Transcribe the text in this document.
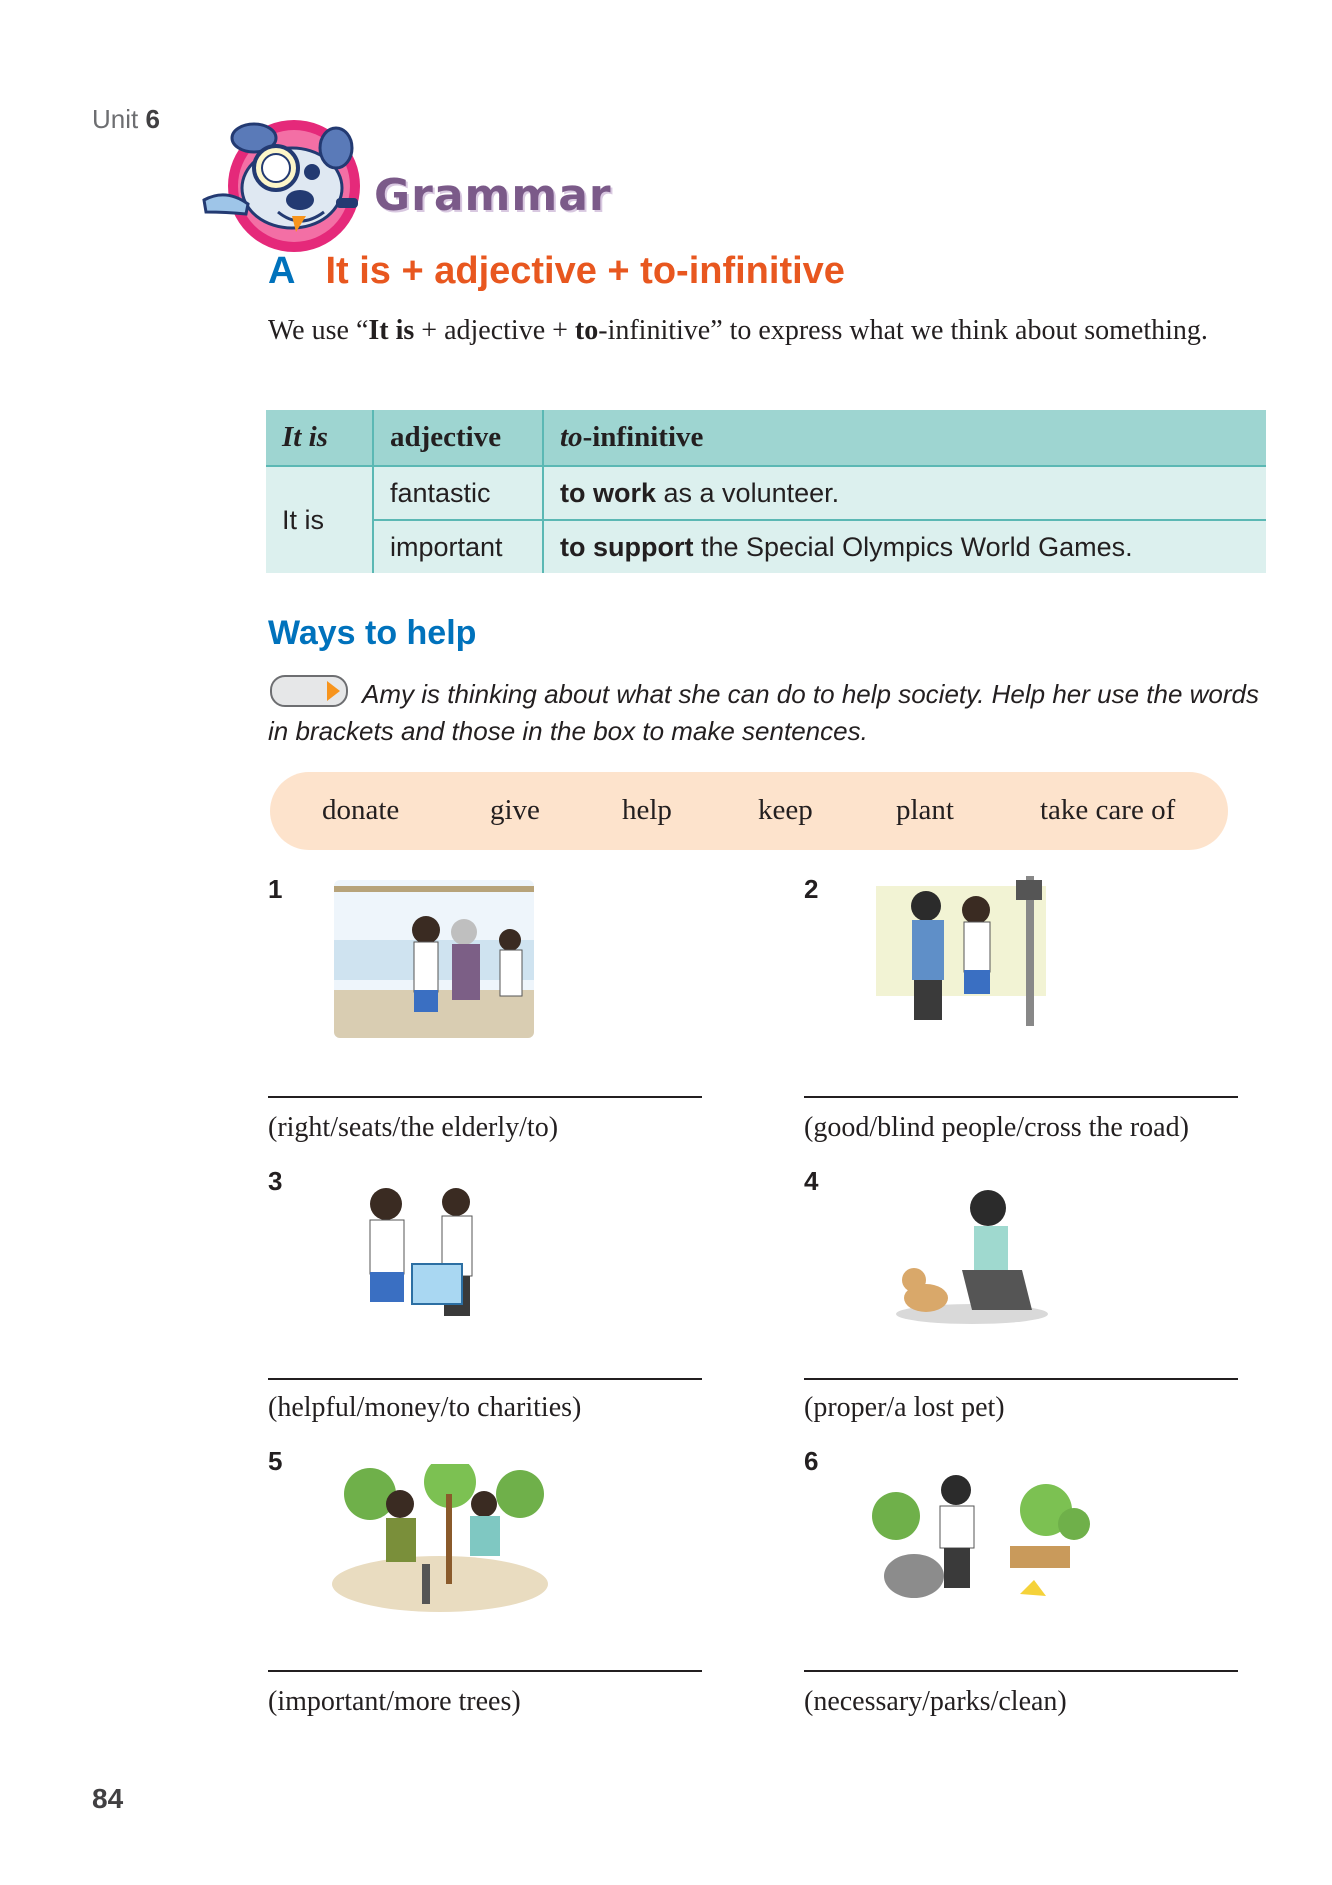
Unit 6
Grammar
A It is + adjective + to-infinitive
We use “It is + adjective + to-infinitive” to express what we think about something.
It is	adjective	to-infinitive
It is	fantastic	to work as a volunteer.
	important	to support the Special Olympics World Games.
Ways to help
Amy is thinking about what she can do to help society. Help her use the words in brackets and those in the box to make sentences.
donate	give	help	keep	plant	take care of
1
(right/seats/the elderly/to)
2
(good/blind people/cross the road)
3
(helpful/money/to charities)
4
(proper/a lost pet)
5
(important/more trees)
6
(necessary/parks/clean)
84
